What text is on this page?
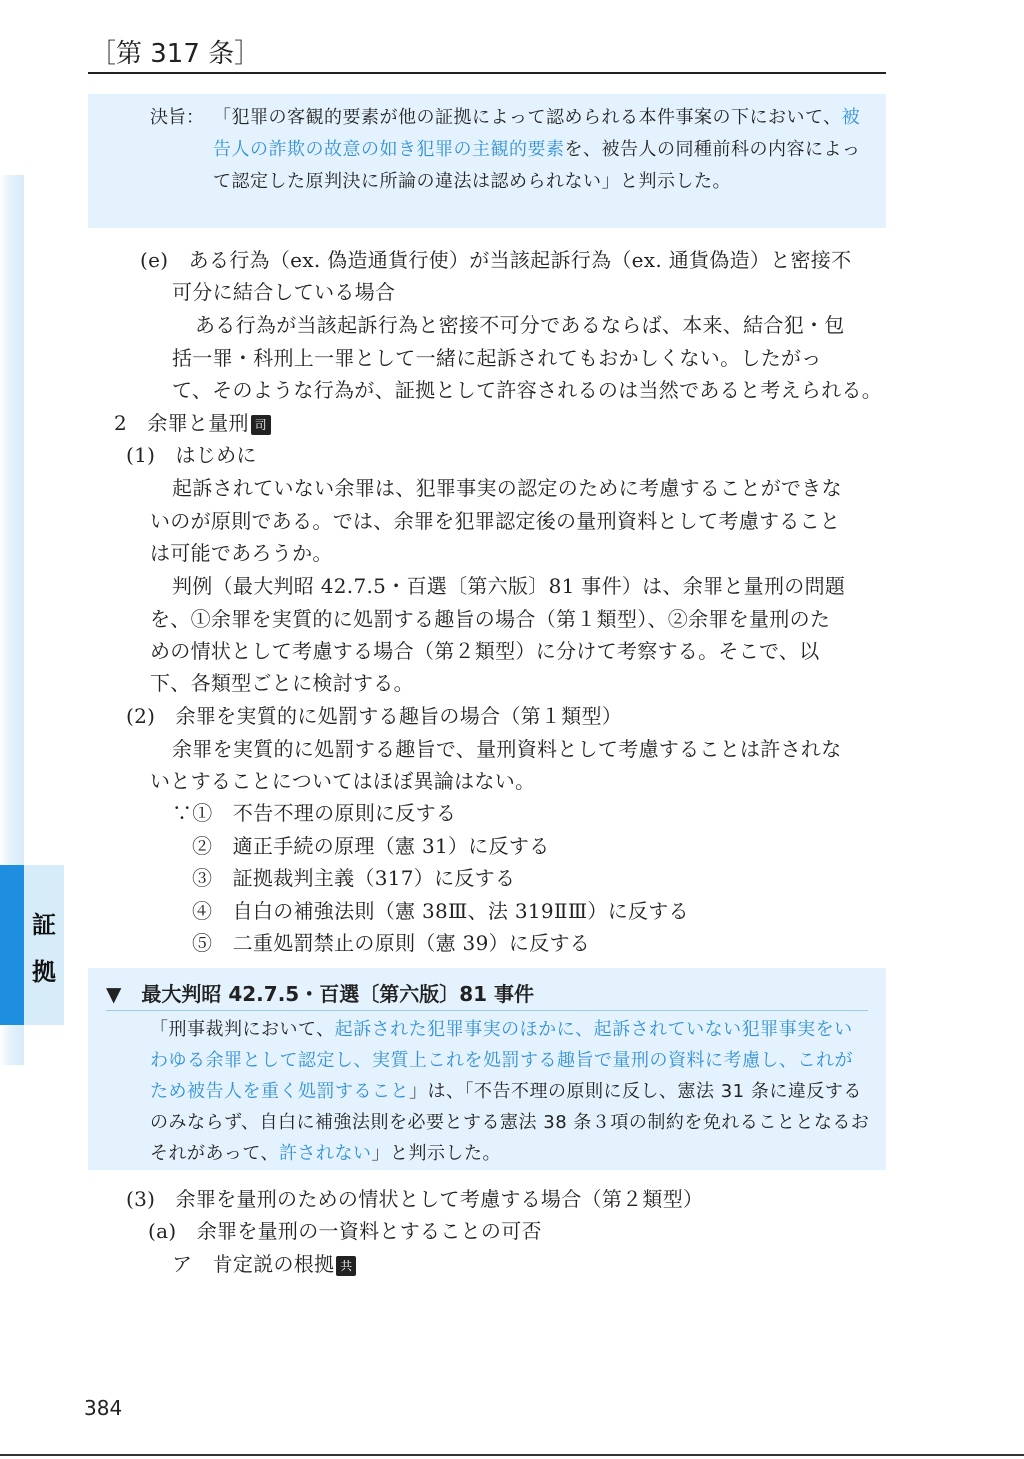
［第 317 条］
証
拠
決旨： 「犯罪の客観的要素が他の証拠によって認められる本件事案の下において、被告人の詐欺の故意の如き犯罪の主観的要素を、被告人の同種前科の内容によって認定した原判決に所論の違法は認められない」と判示した。
(e)　ある行為（ex. 偽造通貨行使）が当該起訴行為（ex. 通貨偽造）と密接不
可分に結合している場合
ある行為が当該起訴行為と密接不可分であるならば、本来、結合犯・包
括一罪・科刑上一罪として一緒に起訴されてもおかしくない。したがっ
て、そのような行為が、証拠として許容されるのは当然であると考えられる。
2　余罪と量刑 司
(1)　はじめに
起訴されていない余罪は、犯罪事実の認定のために考慮することができな
いのが原則である。では、余罪を犯罪認定後の量刑資料として考慮すること
は可能であろうか。
判例（最大判昭 42.7.5・百選〔第六版〕81 事件）は、余罪と量刑の問題
を、①余罪を実質的に処罰する趣旨の場合（第１類型）、②余罪を量刑のた
めの情状として考慮する場合（第２類型）に分けて考察する。そこで、以
下、各類型ごとに検討する。
(2)　余罪を実質的に処罰する趣旨の場合（第１類型）
余罪を実質的に処罰する趣旨で、量刑資料として考慮することは許されな
いとすることについてはほぼ異論はない。
∵①　不告不理の原則に反する
②　適正手続の原理（憲 31）に反する
③　証拠裁判主義（317）に反する
④　自白の補強法則（憲 38Ⅲ、法 319ⅡⅢ）に反する
⑤　二重処罰禁止の原則（憲 39）に反する
▼　最大判昭 42.7.5・百選〔第六版〕81 事件
「刑事裁判において、起訴された犯罪事実のほかに、起訴されていない犯罪事実をいわゆる余罪として認定し、実質上これを処罰する趣旨で量刑の資料に考慮し、これがため被告人を重く処罰すること」は、「不告不理の原則に反し、憲法 31 条に違反するのみならず、自白に補強法則を必要とする憲法 38 条３項の制約を免れることとなるおそれがあって、許されない」と判示した。
(3)　余罪を量刑のための情状として考慮する場合（第２類型）
(a)　余罪を量刑の一資料とすることの可否
ア　肯定説の根拠 共
384
